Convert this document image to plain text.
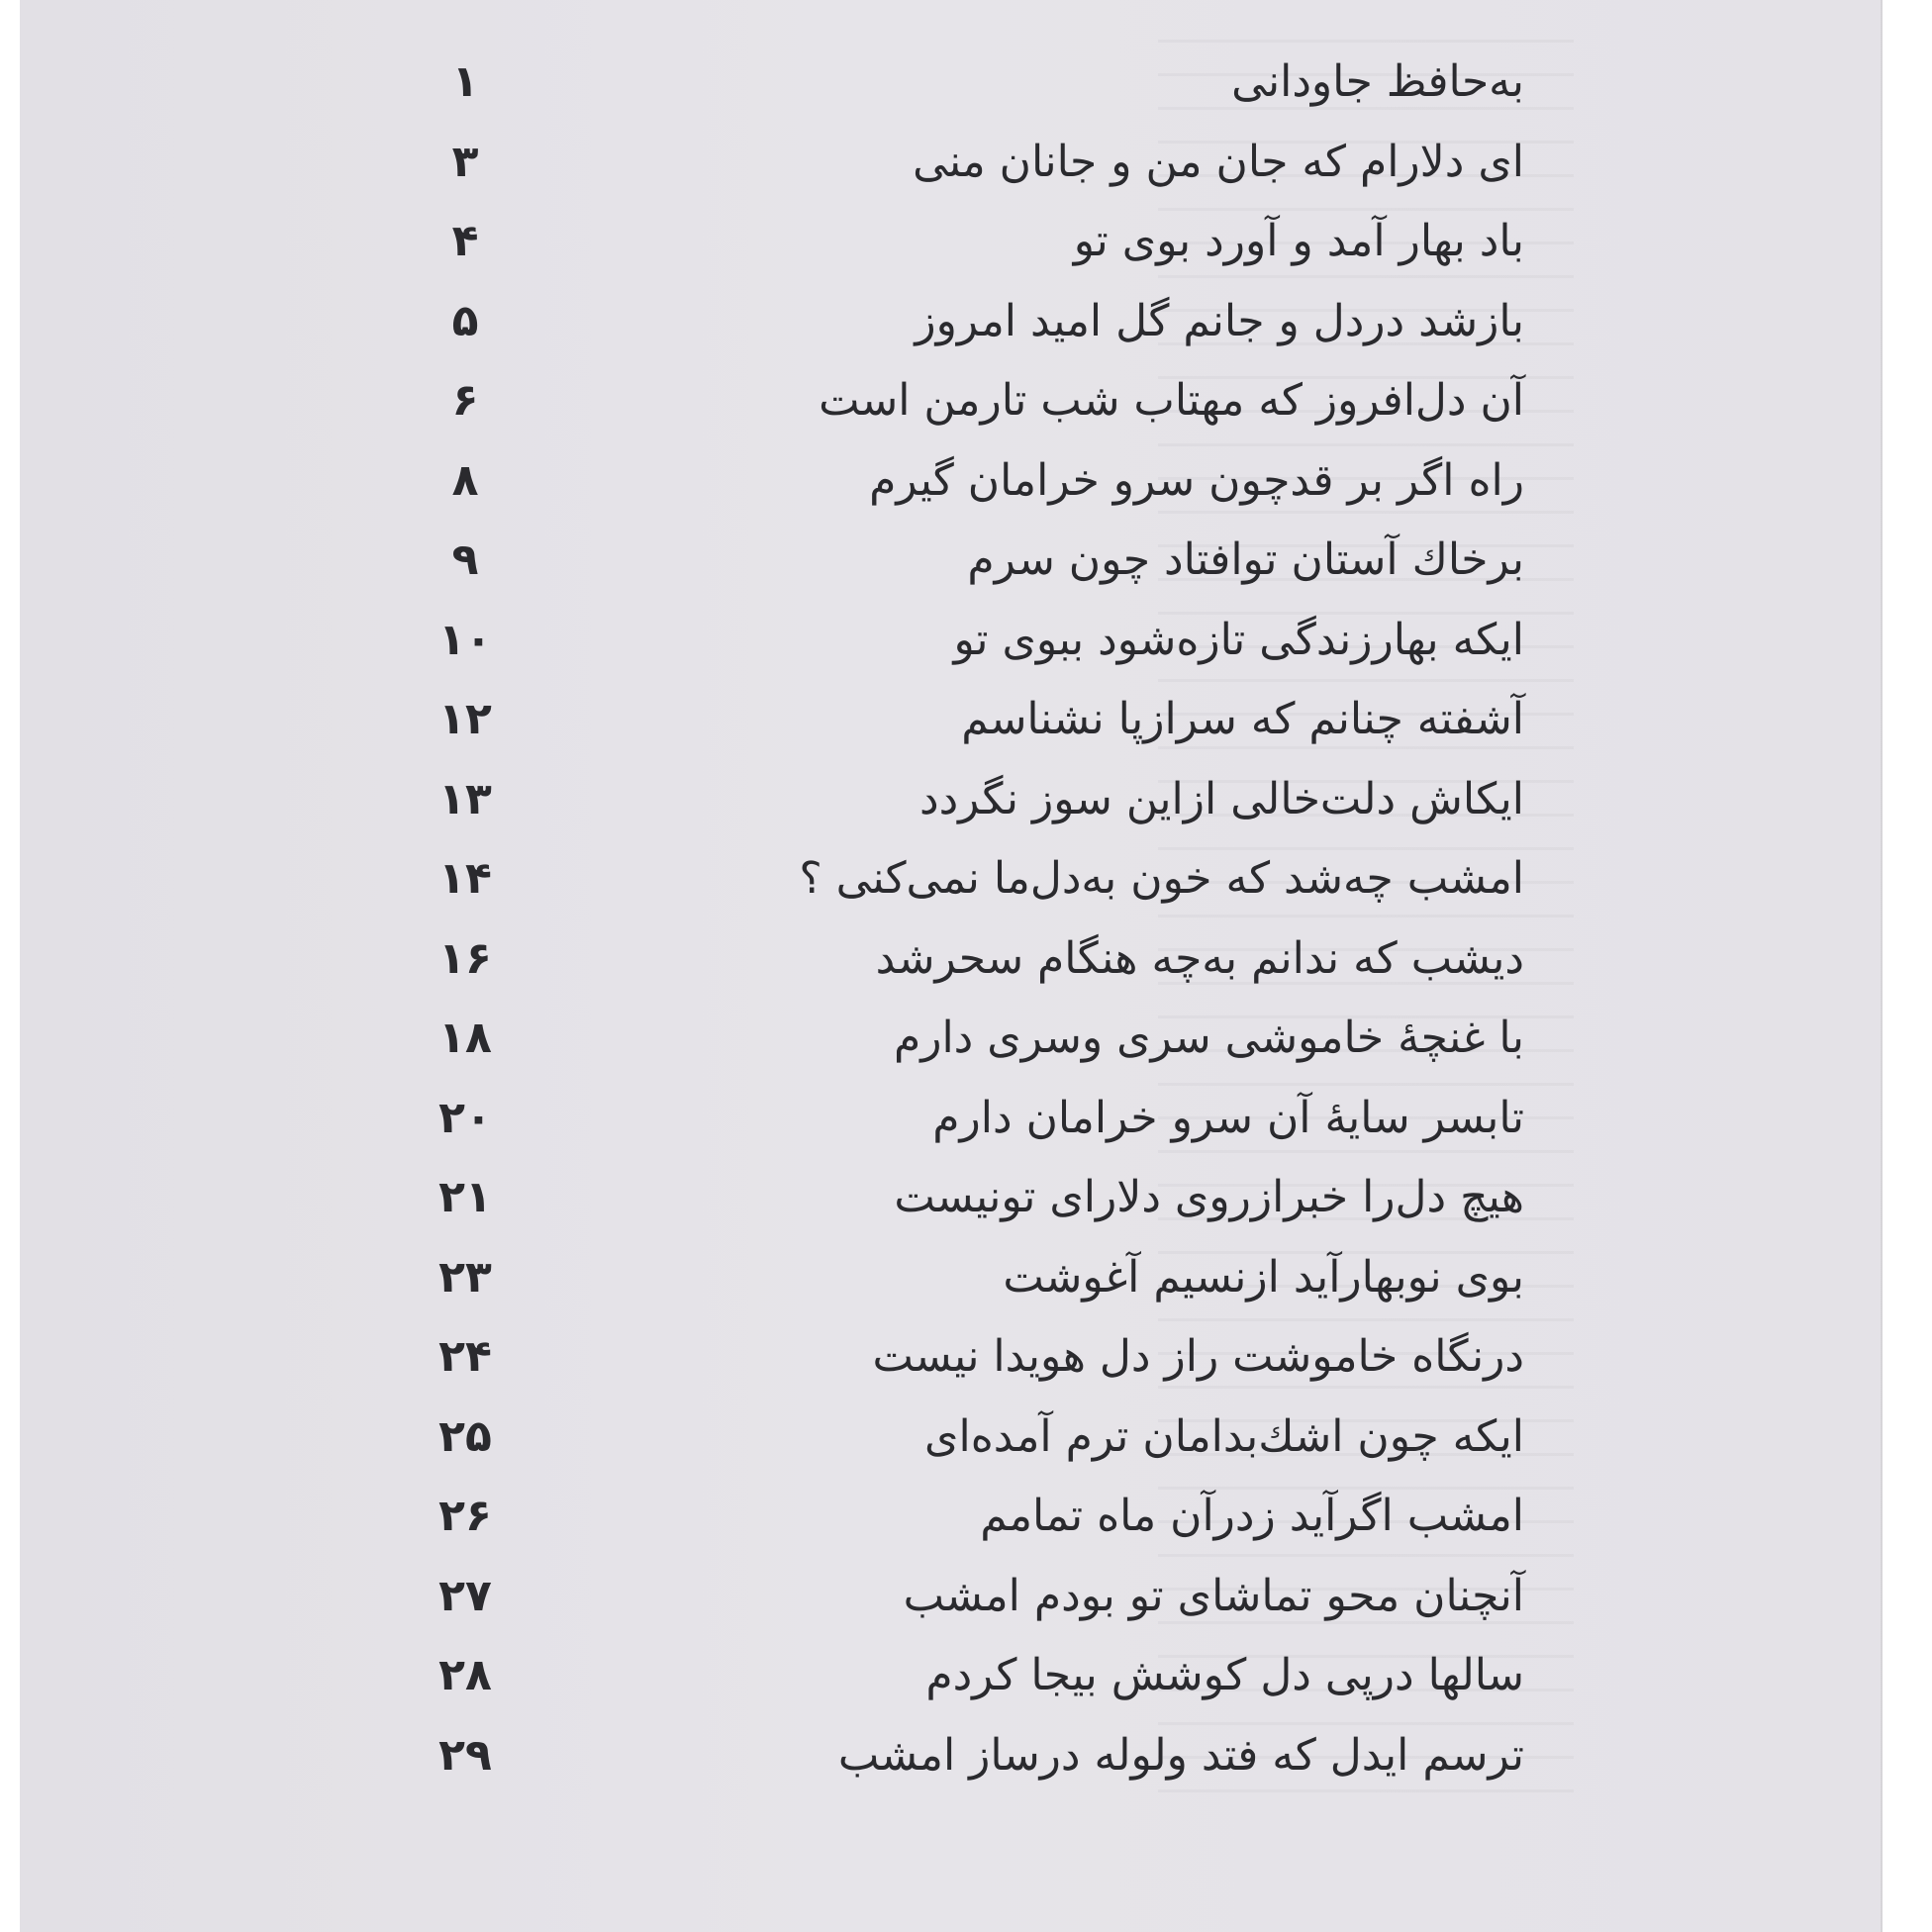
به‌حافظ جاودانی
۱
ای دلارام که جان من و جانان منی
۳
باد بهار آمد و آورد بوی تو
۴
بازشد دردل و جانم گل امید امروز
۵
آن دل‌افروز که مهتاب شب تارمن است
۶
راه اگر بر قدچون سرو خرامان گیرم
۸
برخاك آستان توافتاد چون سرم
۹
ایکه بهارزندگی تازه‌شود ببوی تو
۱۰
آشفته چنانم که سرازپا نشناسم
۱۲
ایکاش دلت‌خالی ازاین سوز نگردد
۱۳
امشب چه‌شد که خون به‌دل‌ما نمی‌کنی ؟
۱۴
دیشب که ندانم به‌چه هنگام سحرشد
۱۶
با غنچهٔ خاموشی سری وسری دارم
۱۸
تابسر سایهٔ آن سرو خرامان دارم
۲۰
هیچ دل‌را خبرازروی دلارای تونیست
۲۱
بوی نوبهارآید ازنسیم آغوشت
۲۳
درنگاه خاموشت راز دل هویدا نیست
۲۴
ایکه چون اشك‌بدامان ترم آمده‌ای
۲۵
امشب اگرآید زدرآن ماه تمامم
۲۶
آنچنان محو تماشای تو بودم امشب
۲۷
سالها درپی دل کوشش بیجا کردم
۲۸
ترسم ایدل که فتد ولوله درساز امشب
۲۹
